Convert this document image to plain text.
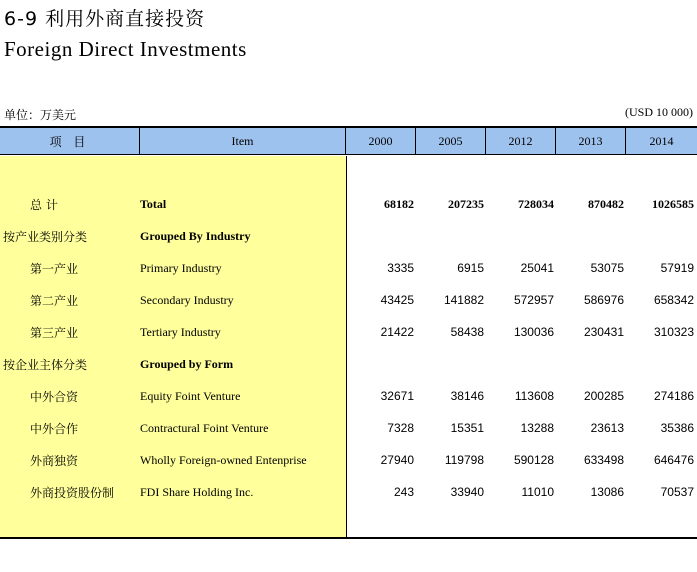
6-9 利用外商直接投资
Foreign Direct Investments
单位：万美元	(USD 10 000)
项 目	Item	2000	2005	2012	2013	2014
总 计	Total	68182	207235	728034	870482	1026585
按产业类别分类	Grouped By Industry
第一产业	Primary Industry	3335	6915	25041	53075	57919
第二产业	Secondary Industry	43425	141882	572957	586976	658342
第三产业	Tertiary Industry	21422	58438	130036	230431	310323
按企业主体分类	Grouped by Form
中外合资	Equity Foint Venture	32671	38146	113608	200285	274186
中外合作	Contractural Foint Venture	7328	15351	13288	23613	35386
外商独资	Wholly Foreign-owned Entenprise	27940	119798	590128	633498	646476
外商投资股份制 FDI Share Holding Inc.	243	33940	11010	13086	70537
